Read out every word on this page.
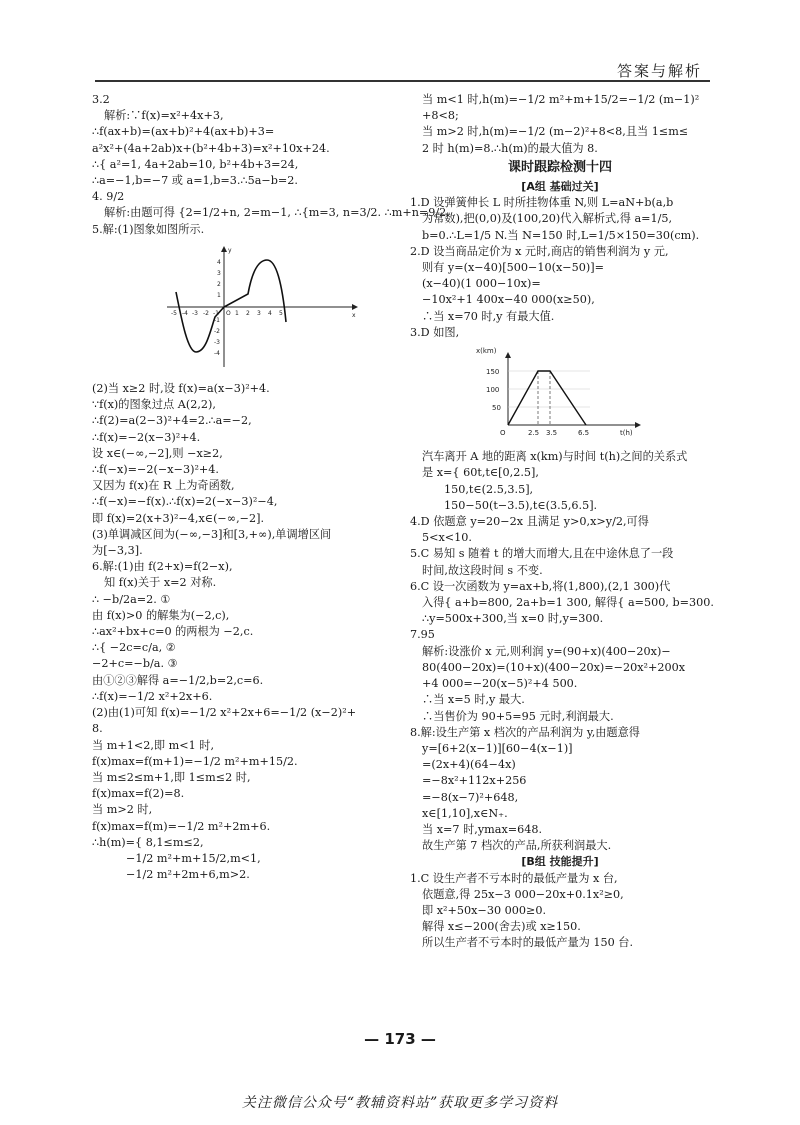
答案与解析

3.2

解析:∵f(x)=x²+4x+3,

∴f(ax+b)=(ax+b)²+4(ax+b)+3=

a²x²+(4a+2ab)x+(b²+4b+3)=x²+10x+24.

∴{ a²=1, 4a+2ab=10, b²+4b+3=24,

∴a=−1,b=−7 或 a=1,b=3.∴5a−b=2.

4. 9/2

解析:由题可得 {2=1/2+n, 2=m−1, ∴{m=3, n=3/2. ∴m+n=9/2.

5.解:(1)图象如图所示.

-5 -4 -3 -2 -1 O 1 2 3 4 5	x
y
4
3
2
1
-1
-2
-3
-4

(2)当 x≥2 时,设 f(x)=a(x−3)²+4.

∵f(x)的图象过点 A(2,2),

∴f(2)=a(2−3)²+4=2.∴a=−2,

∴f(x)=−2(x−3)²+4.

设 x∈(−∞,−2],则 −x≥2,

∴f(−x)=−2(−x−3)²+4.

又因为 f(x)在 R 上为奇函数,

∴f(−x)=−f(x).∴f(x)=2(−x−3)²−4,

即 f(x)=2(x+3)²−4,x∈(−∞,−2].

(3)单调减区间为(−∞,−3]和[3,+∞),单调增区间

为[−3,3].

6.解:(1)由 f(2+x)=f(2−x),

知 f(x)关于 x=2 对称.

∴ −b/2a=2. ①

由 f(x)>0 的解集为(−2,c),

∴ax²+bx+c=0 的两根为 −2,c.

∴{ −2c=c/a, ②

−2+c=−b/a. ③

由①②③解得 a=−1/2,b=2,c=6.

∴f(x)=−1/2 x²+2x+6.

(2)由(1)可知 f(x)=−1/2 x²+2x+6=−1/2 (x−2)²+

8.

当 m+1<2,即 m<1 时,

f(x)max=f(m+1)=−1/2 m²+m+15/2.

当 m≤2≤m+1,即 1≤m≤2 时,

f(x)max=f(2)=8.

当 m>2 时,

f(x)max=f(m)=−1/2 m²+2m+6.

∴h(m)={ 8,1≤m≤2,

−1/2 m²+m+15/2,m<1,

−1/2 m²+2m+6,m>2.

当 m<1 时,h(m)=−1/2 m²+m+15/2=−1/2 (m−1)²

+8<8;

当 m>2 时,h(m)=−1/2 (m−2)²+8<8,且当 1≤m≤

2 时 h(m)=8.∴h(m)的最大值为 8.

课时跟踪检测十四

[A组 基础过关]

1.D 设弹簧伸长 L 时所挂物体重 N,则 L=aN+b(a,b

为常数),把(0,0)及(100,20)代入解析式,得 a=1/5,

b=0.∴L=1/5 N.当 N=150 时,L=1/5×150=30(cm).

2.D 设当商品定价为 x 元时,商店的销售利润为 y 元,

则有 y=(x−40)[500−10(x−50)]=

(x−40)(1 000−10x)=

−10x²+1 400x−40 000(x≥50),

∴当 x=70 时,y 有最大值.

3.D 如图,

x(km)
150
100
50
O	2.5 3.5	6.5	t(h)

汽车离开 A 地的距离 x(km)与时间 t(h)之间的关系式

是 x={ 60t,t∈[0,2.5],

150,t∈(2.5,3.5],

150−50(t−3.5),t∈(3.5,6.5].

4.D 依题意 y=20−2x 且满足 y>0,x>y/2,可得

5<x<10.

5.C 易知 s 随着 t 的增大而增大,且在中途休息了一段

时间,故这段时间 s 不变.

6.C 设一次函数为 y=ax+b,将(1,800),(2,1 300)代

入得{ a+b=800, 2a+b=1 300, 解得{ a=500, b=300.

∴y=500x+300,当 x=0 时,y=300.

7.95

解析:设涨价 x 元,则利润 y=(90+x)(400−20x)−

80(400−20x)=(10+x)(400−20x)=−20x²+200x

+4 000=−20(x−5)²+4 500.

∴当 x=5 时,y 最大.

∴当售价为 90+5=95 元时,利润最大.

8.解:设生产第 x 档次的产品利润为 y,由题意得

y=[6+2(x−1)][60−4(x−1)]

=(2x+4)(64−4x)

=−8x²+112x+256

=−8(x−7)²+648,

x∈[1,10],x∈N₊.

当 x=7 时,ymax=648.

故生产第 7 档次的产品,所获利润最大.

[B组 技能提升]

1.C 设生产者不亏本时的最低产量为 x 台,

依题意,得 25x−3 000−20x+0.1x²≥0,

即 x²+50x−30 000≥0.

解得 x≤−200(舍去)或 x≥150.

所以生产者不亏本时的最低产量为 150 台.

— 173 —
关注微信公众号“教辅资料站”获取更多学习资料
